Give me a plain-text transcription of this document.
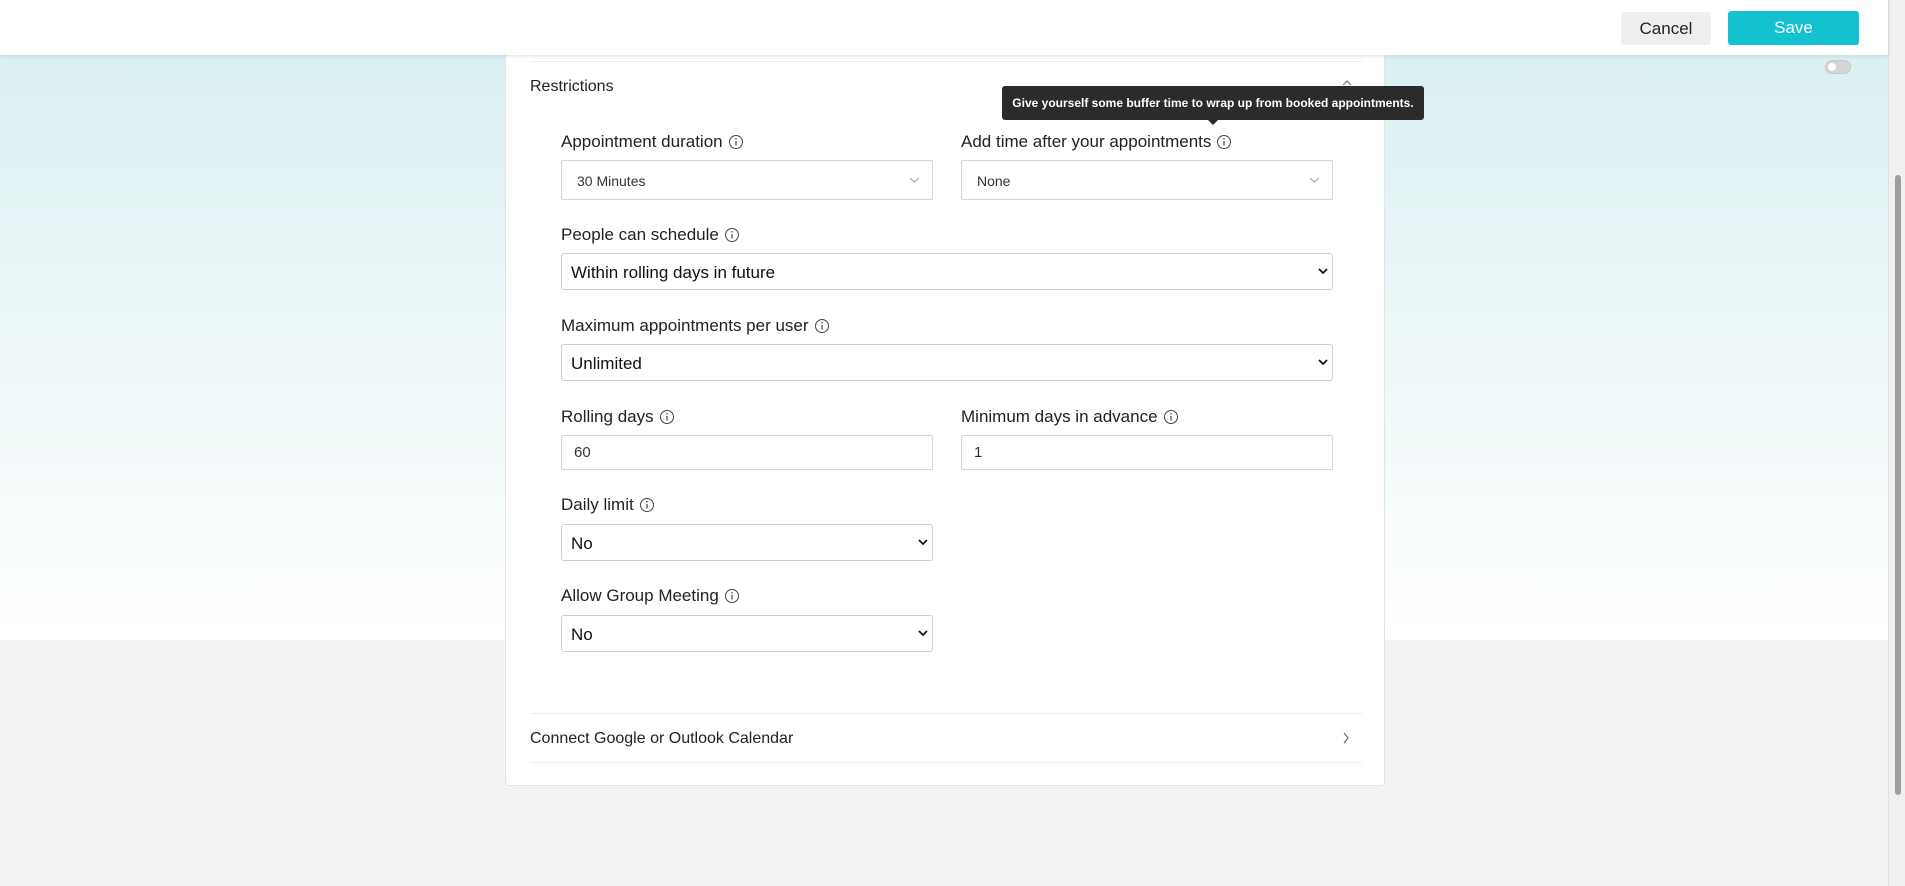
Cancel	Save
Restrictions
Appointment duration
30 Minutes
Add time after your appointments
None
People can schedule
Within rolling days in future
Maximum appointments per user
Unlimited
Rolling days
60
Minimum days in advance
1
Daily limit
No
Allow Group Meeting
No
Connect Google or Outlook Calendar
Give yourself some buffer time to wrap up from booked appointments.
